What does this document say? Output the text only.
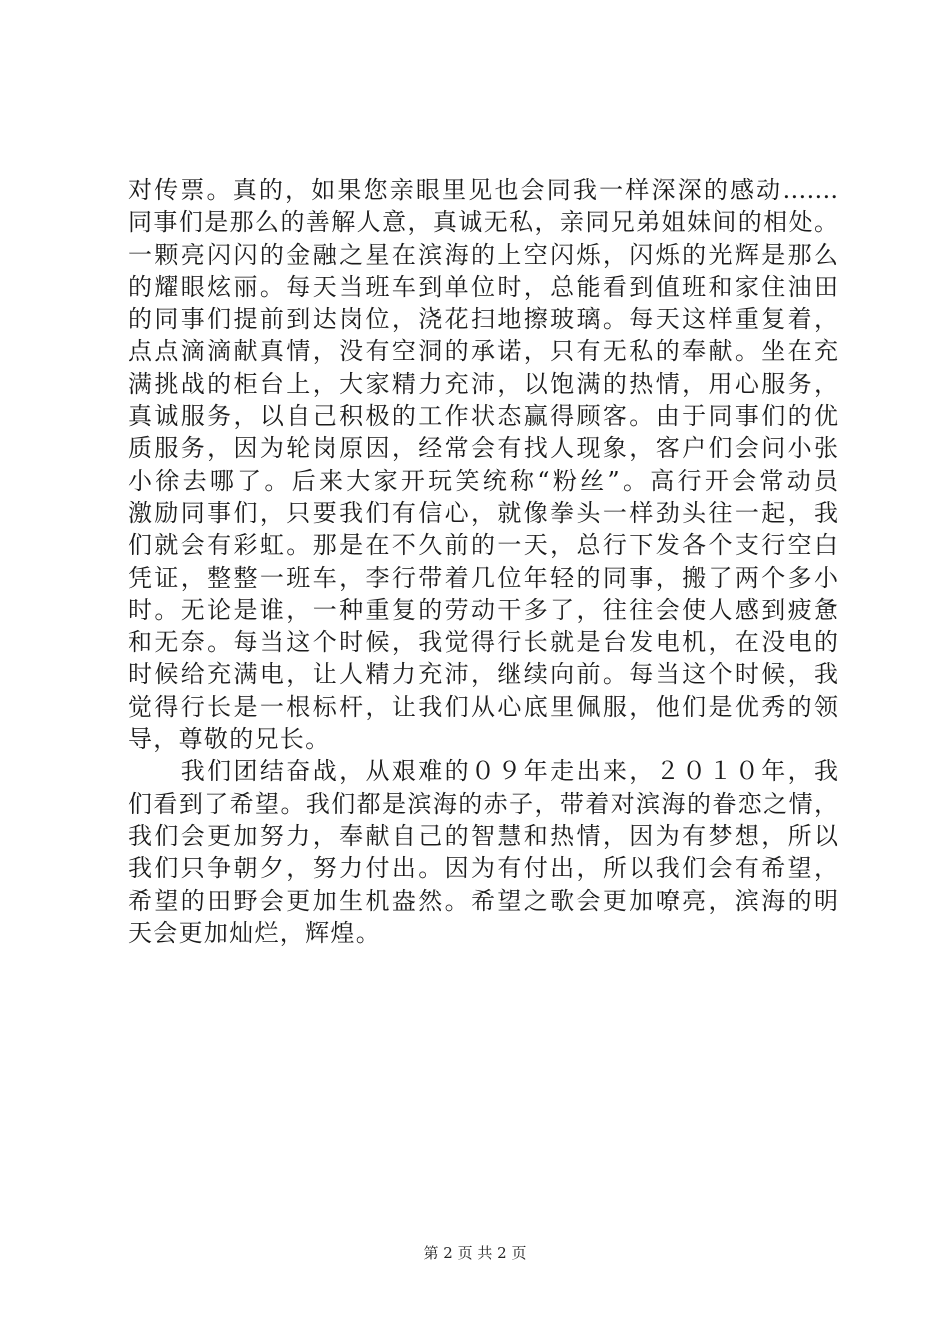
对传票。真的，如果您亲眼里见也会同我一样深深的感动…….
同事们是那么的善解人意，真诚无私，亲同兄弟姐妹间的相处。
一颗亮闪闪的金融之星在滨海的上空闪烁，闪烁的光辉是那么
的耀眼炫丽。每天当班车到单位时，总能看到值班和家住油田
的同事们提前到达岗位，浇花扫地擦玻璃。每天这样重复着，
点点滴滴献真情，没有空洞的承诺，只有无私的奉献。坐在充
满挑战的柜台上，大家精力充沛，以饱满的热情，用心服务，
真诚服务，以自己积极的工作状态赢得顾客。由于同事们的优
质服务，因为轮岗原因，经常会有找人现象，客户们会问小张
小徐去哪了。后来大家开玩笑统称“粉丝”。高行开会常动员
激励同事们，只要我们有信心，就像拳头一样劲头往一起，我
们就会有彩虹。那是在不久前的一天，总行下发各个支行空白
凭证，整整一班车，李行带着几位年轻的同事，搬了两个多小
时。无论是谁，一种重复的劳动干多了，往往会使人感到疲惫
和无奈。每当这个时候，我觉得行长就是台发电机，在没电的
时候给充满电，让人精力充沛，继续向前。每当这个时候，我
觉得行长是一根标杆，让我们从心底里佩服，他们是优秀的领
导，尊敬的兄长。
　　我们团结奋战，从艰难的０９年走出来，２０１０年，我
们看到了希望。我们都是滨海的赤子，带着对滨海的眷恋之情，
我们会更加努力，奉献自己的智慧和热情，因为有梦想，所以
我们只争朝夕，努力付出。因为有付出，所以我们会有希望，
希望的田野会更加生机盎然。希望之歌会更加嘹亮，滨海的明
天会更加灿烂，辉煌。
第 2 页 共 2 页
